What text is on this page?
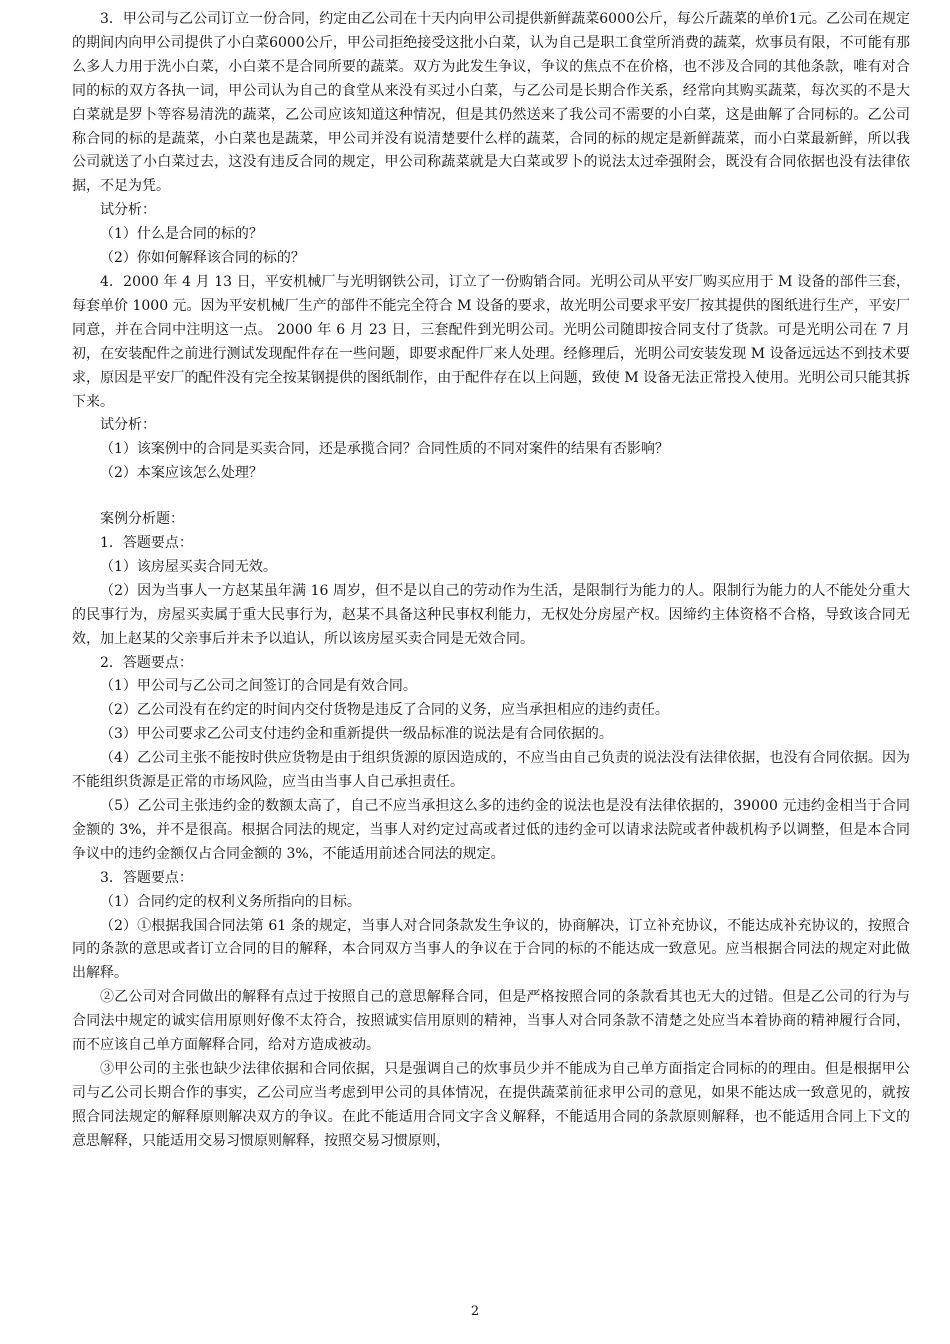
3．甲公司与乙公司订立一份合同，约定由乙公司在十天内向甲公司提供新鲜蔬菜6000公斤，每公斤蔬菜的单价1元。乙公司在规定的期间内向甲公司提供了小白菜6000公斤，甲公司拒绝接受这批小白菜，认为自己是职工食堂所消费的蔬菜，炊事员有限，不可能有那么多人力用于洗小白菜，小白菜不是合同所要的蔬菜。双方为此发生争议，争议的焦点不在价格，也不涉及合同的其他条款，唯有对合同的标的双方各执一词，甲公司认为自己的食堂从来没有买过小白菜，与乙公司是长期合作关系，经常向其购买蔬菜，每次买的不是大白菜就是罗卜等容易清洗的蔬菜，乙公司应该知道这种情况，但是其仍然送来了我公司不需要的小白菜，这是曲解了合同标的。乙公司称合同的标的是蔬菜，小白菜也是蔬菜，甲公司并没有说清楚要什么样的蔬菜，合同的标的规定是新鲜蔬菜，而小白菜最新鲜，所以我公司就送了小白菜过去，这没有违反合同的规定，甲公司称蔬菜就是大白菜或罗卜的说法太过牵强附会，既没有合同依据也没有法律依据，不足为凭。

试分析：

（1）什么是合同的标的？

（2）你如何解释该合同的标的？

4．2000 年 4 月 13 日，平安机械厂与光明钢铁公司，订立了一份购销合同。光明公司从平安厂购买应用于 M 设备的部件三套，每套单价 1000 元。因为平安机械厂生产的部件不能完全符合 M 设备的要求，故光明公司要求平安厂按其提供的图纸进行生产，平安厂同意，并在合同中注明这一点。 2000 年 6 月 23 日，三套配件到光明公司。光明公司随即按合同支付了货款。可是光明公司在 7 月初，在安装配件之前进行测试发现配件存在一些问题，即要求配件厂来人处理。经修理后，光明公司安装发现 M 设备远远达不到技术要求，原因是平安厂的配件没有完全按某钢提供的图纸制作，由于配件存在以上问题，致使 M 设备无法正常投入使用。光明公司只能其拆下来。

试分析：

（1）该案例中的合同是买卖合同，还是承揽合同？合同性质的不同对案件的结果有否影响？

（2）本案应该怎么处理？

案例分析题：

1．答题要点：

（1）该房屋买卖合同无效。

（2）因为当事人一方赵某虽年满 16 周岁，但不是以自己的劳动作为生活，是限制行为能力的人。限制行为能力的人不能处分重大的民事行为，房屋买卖属于重大民事行为，赵某不具备这种民事权利能力，无权处分房屋产权。因缔约主体资格不合格，导致该合同无效，加上赵某的父亲事后并未予以追认，所以该房屋买卖合同是无效合同。

2．答题要点：

（1）甲公司与乙公司之间签订的合同是有效合同。

（2）乙公司没有在约定的时间内交付货物是违反了合同的义务，应当承担相应的违约责任。

（3）甲公司要求乙公司支付违约金和重新提供一级品标准的说法是有合同依据的。

（4）乙公司主张不能按时供应货物是由于组织货源的原因造成的，不应当由自己负责的说法没有法律依据，也没有合同依据。因为不能组织货源是正常的市场风险，应当由当事人自己承担责任。

（5）乙公司主张违约金的数额太高了，自己不应当承担这么多的违约金的说法也是没有法律依据的，39000 元违约金相当于合同金额的 3%，并不是很高。根据合同法的规定，当事人对约定过高或者过低的违约金可以请求法院或者仲裁机构予以调整，但是本合同争议中的违约金额仅占合同金额的 3%，不能适用前述合同法的规定。

3．答题要点：

（1）合同约定的权利义务所指向的目标。

（2）①根据我国合同法第 61 条的规定，当事人对合同条款发生争议的，协商解决，订立补充协议，不能达成补充协议的，按照合同的条款的意思或者订立合同的目的解释，本合同双方当事人的争议在于合同的标的不能达成一致意见。应当根据合同法的规定对此做出解释。

②乙公司对合同做出的解释有点过于按照自己的意思解释合同，但是严格按照合同的条款看其也无大的过错。但是乙公司的行为与合同法中规定的诚实信用原则好像不太符合，按照诚实信用原则的精神，当事人对合同条款不清楚之处应当本着协商的精神履行合同，而不应该自己单方面解释合同，给对方造成被动。

③甲公司的主张也缺少法律依据和合同依据，只是强调自己的炊事员少并不能成为自己单方面指定合同标的的理由。但是根据甲公司与乙公司长期合作的事实，乙公司应当考虑到甲公司的具体情况，在提供蔬菜前征求甲公司的意见，如果不能达成一致意见的，就按照合同法规定的解释原则解决双方的争议。在此不能适用合同文字含义解释，不能适用合同的条款原则解释，也不能适用合同上下文的意思解释，只能适用交易习惯原则解释，按照交易习惯原则，

2
